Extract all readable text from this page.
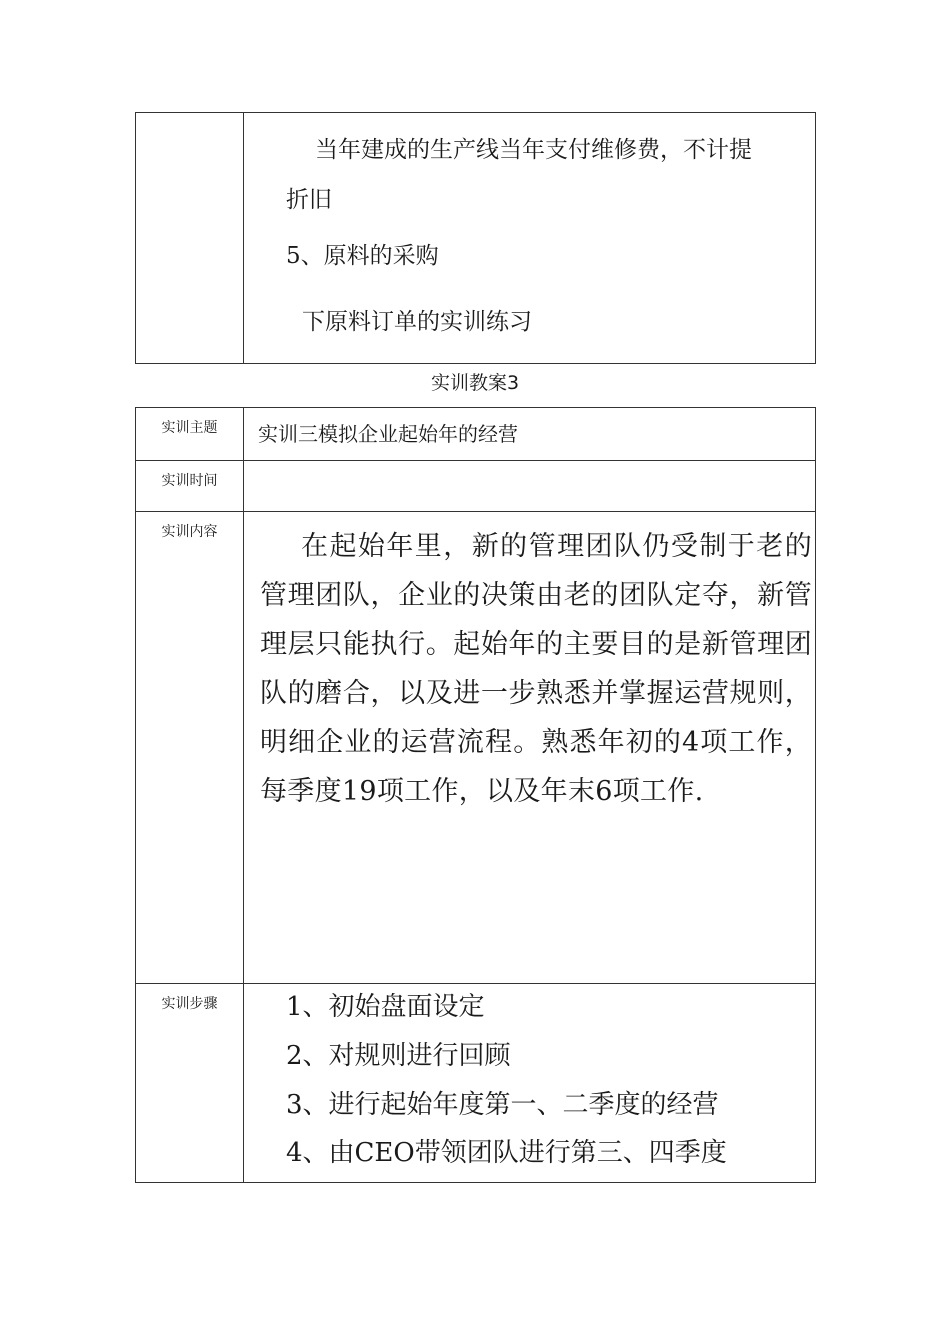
当年建成的生产线当年支付维修费，不计提
折旧
5、原料的采购
下原料订单的实训练习
实训教案3
实训主题	实训三模拟企业起始年的经营
实训时间
实训内容	在起始年里，新的管理团队仍受制于老的管理团队，企业的决策由老的团队定夺，新管理层只能执行。起始年的主要目的是新管理团队的磨合，以及进一步熟悉并掌握运营规则，明细企业的运营流程。熟悉年初的4项工作，每季度19项工作，以及年末6项工作.
实训步骤	1、初始盘面设定
2、对规则进行回顾
3、进行起始年度第一、二季度的经营
4、由CEO带领团队进行第三、四季度
